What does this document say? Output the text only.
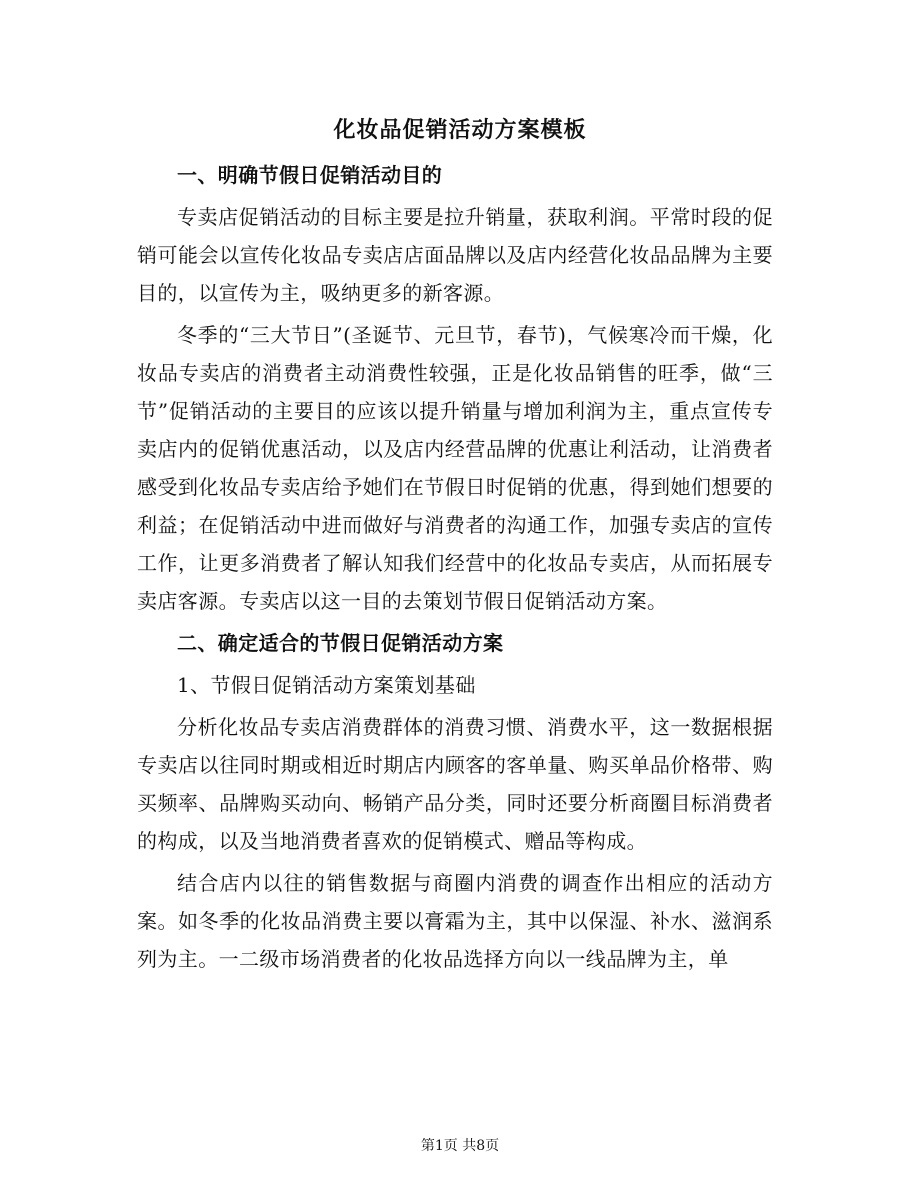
化妆品促销活动方案模板

一、明确节假日促销活动目的

专卖店促销活动的目标主要是拉升销量，获取利润。平常时段的促销可能会以宣传化妆品专卖店店面品牌以及店内经营化妆品品牌为主要目的，以宣传为主，吸纳更多的新客源。

冬季的“三大节日”(圣诞节、元旦节，春节)，气候寒冷而干燥，化妆品专卖店的消费者主动消费性较强，正是化妆品销售的旺季，做“三节”促销活动的主要目的应该以提升销量与增加利润为主，重点宣传专卖店内的促销优惠活动，以及店内经营品牌的优惠让利活动，让消费者感受到化妆品专卖店给予她们在节假日时促销的优惠，得到她们想要的利益；在促销活动中进而做好与消费者的沟通工作，加强专卖店的宣传工作，让更多消费者了解认知我们经营中的化妆品专卖店，从而拓展专卖店客源。专卖店以这一目的去策划节假日促销活动方案。

二、确定适合的节假日促销活动方案

1、节假日促销活动方案策划基础

分析化妆品专卖店消费群体的消费习惯、消费水平，这一数据根据专卖店以往同时期或相近时期店内顾客的客单量、购买单品价格带、购买频率、品牌购买动向、畅销产品分类，同时还要分析商圈目标消费者的构成，以及当地消费者喜欢的促销模式、赠品等构成。

结合店内以往的销售数据与商圈内消费的调查作出相应的活动方案。如冬季的化妆品消费主要以膏霜为主，其中以保湿、补水、滋润系列为主。一二级市场消费者的化妆品选择方向以一线品牌为主，单

第1页 共8页
